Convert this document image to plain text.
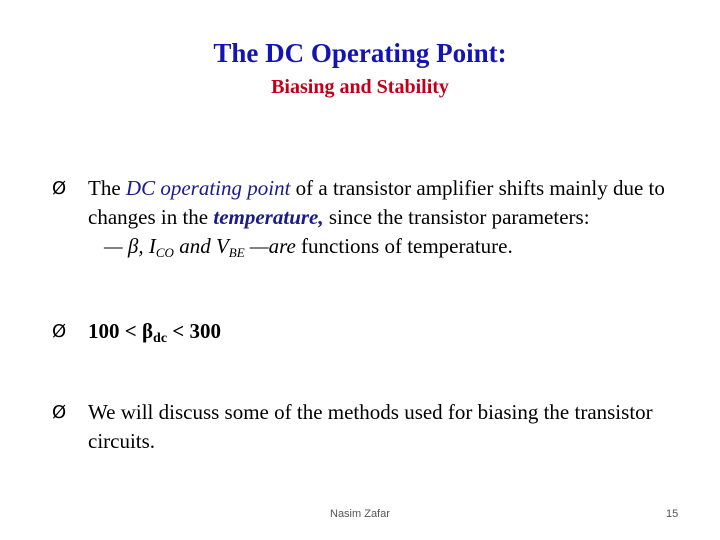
The DC Operating Point:
Biasing and Stability
Ø The DC operating point of a transistor amplifier shifts mainly due to changes in the temperature, since the transistor parameters:
— β, $I_{CO}$ and $V_{BE}$ —are functions of temperature.
Ø 100 < βdc < 300
Ø We will discuss some of the methods used for biasing the transistor circuits.
Nasim Zafar	15
